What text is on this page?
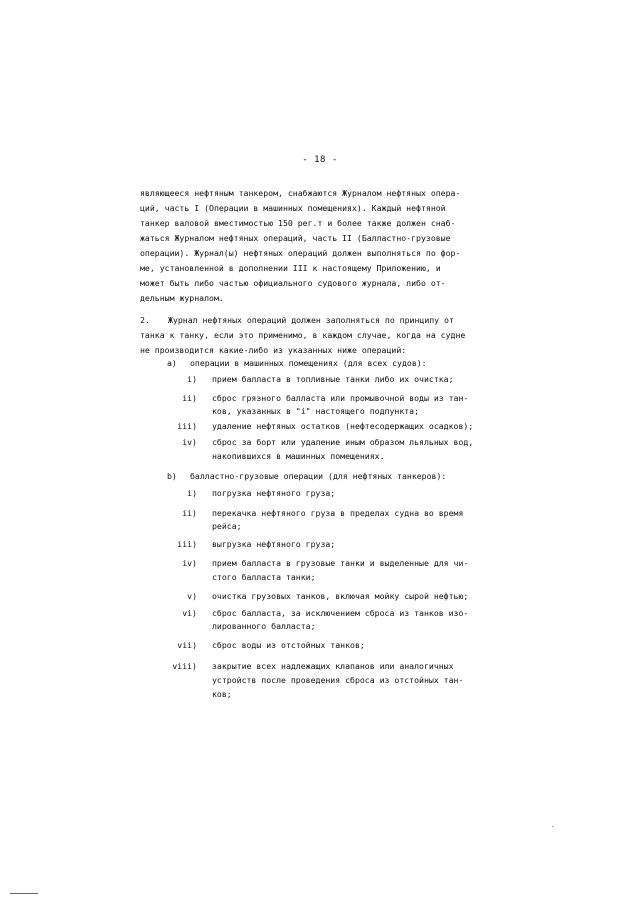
- 18 -
являющееся нефтяным танкером, снабжаются Журналом нефтяных опера-
ций, часть I (Операции в машинных помещениях). Каждый нефтяной
танкер валовой вместимостью 150 рег.т и более также должен снаб-
жаться Журналом нефтяных операций, часть II (Балластно-грузовые
операции). Журнал(ы) нефтяных операций должен выполняться по фор-
ме, установленной в дополнении III к настоящему Приложению, и
может быть либо частью официального судового журнала, либо от-
дельным журналом.
2. Журнал нефтяных операций должен заполняться по принципу от
танка к танку, если это применимо, в каждом случае, когда на судне
не производится какие-либо из указанных ниже операций:
a) операции в машинных помещениях (для всех судов):
i) прием балласта в топливные танки либо их очистка;
ii) сброс грязного балласта или промывочной воды из тан-
ков, указанных в "i" настоящего подпункта;
iii) удаление нефтяных остатков (нефтесодержащих осадков);
iv) сброс за борт или удаление иным образом льяльных вод,
накопившихся в машинных помещениях.
b) балластно-грузовые операции (для нефтяных танкеров):
i) погрузка нефтяного груза;
ii) перекачка нефтяного груза в пределах судна во время
рейса;
iii) выгрузка нефтяного груза;
iv) прием балласта в грузовые танки и выделенные для чи-
стого балласта танки;
v) очистка грузовых танков, включая мойку сырой нефтью;
vi) сброс балласта, за исключением сброса из танков изо-
лированного балласта;
vii) сброс воды из отстойных танков;
viii) закрытие всех надлежащих клапанов или аналогичных
устройств после проведения сброса из отстойных тан-
ков;
